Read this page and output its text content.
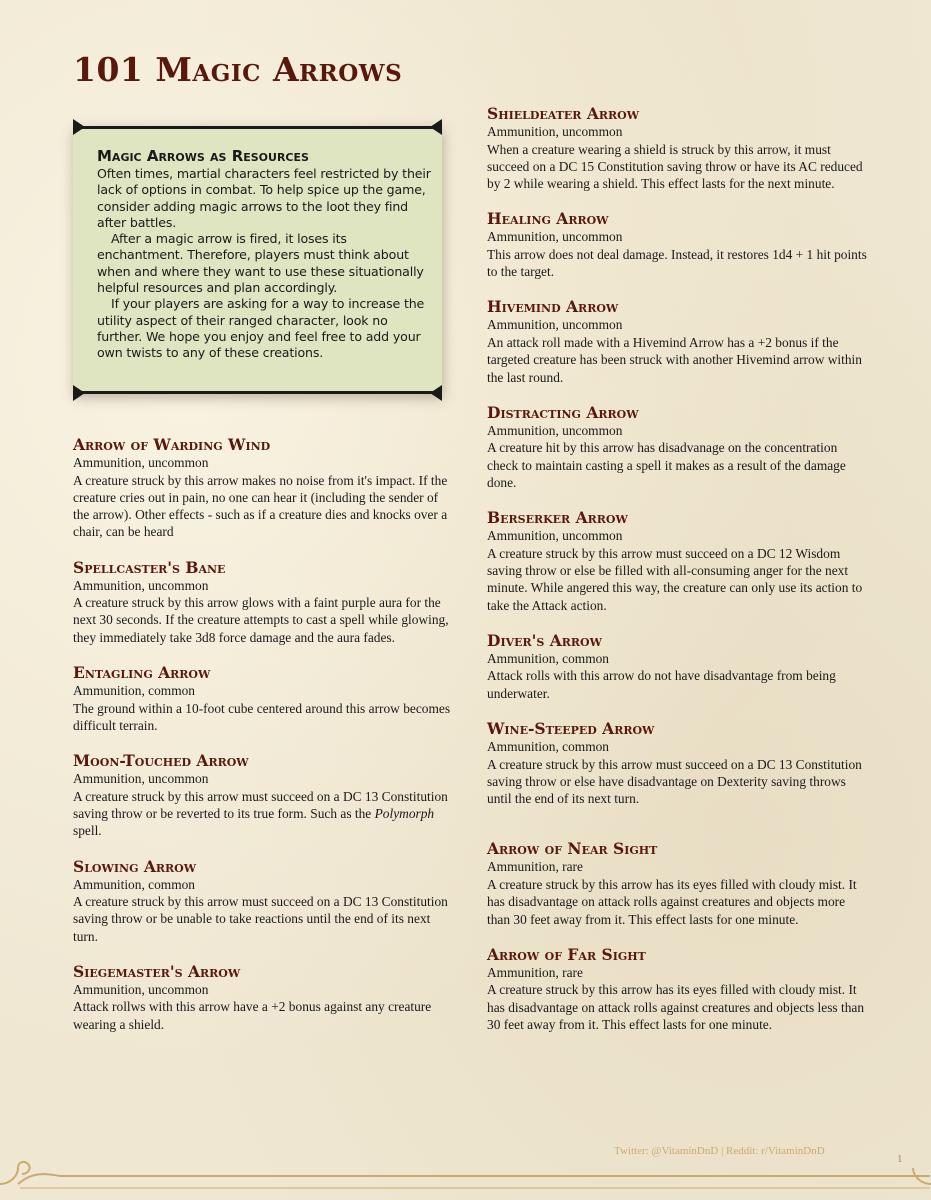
101 Magic Arrows
Magic Arrows as Resources

Often times, martial characters feel restricted by their lack of options in combat. To help spice up the game, consider adding magic arrows to the loot they find after battles.

After a magic arrow is fired, it loses its enchantment. Therefore, players must think about when and where they want to use these situationally helpful resources and plan accordingly.

If your players are asking for a way to increase the utility aspect of their ranged character, look no further. We hope you enjoy and feel free to add your own twists to any of these creations.

Arrow of Warding Wind

Ammunition, uncommon

A creature struck by this arrow makes no noise from it's impact. If the creature cries out in pain, no one can hear it (including the sender of the arrow). Other effects - such as if a creature dies and knocks over a chair, can be heard

Spellcaster's Bane

Ammunition, uncommon

A creature struck by this arrow glows with a faint purple aura for the next 30 seconds. If the creature attempts to cast a spell while glowing, they immediately take 3d8 force damage and the aura fades.

Entagling Arrow

Ammunition, common

The ground within a 10-foot cube centered around this arrow becomes difficult terrain.

Moon-Touched Arrow

Ammunition, uncommon

A creature struck by this arrow must succeed on a DC 13 Constitution saving throw or be reverted to its true form. Such as the Polymorph spell.

Slowing Arrow

Ammunition, common

A creature struck by this arrow must succeed on a DC 13 Constitution saving throw or be unable to take reactions until the end of its next turn.

Siegemaster's Arrow

Ammunition, uncommon

Attack rollws with this arrow have a +2 bonus against any creature wearing a shield.

Shieldeater Arrow

Ammunition, uncommon

When a creature wearing a shield is struck by this arrow, it must succeed on a DC 15 Constitution saving throw or have its AC reduced by 2 while wearing a shield. This effect lasts for the next minute.

Healing Arrow

Ammunition, uncommon

This arrow does not deal damage. Instead, it restores 1d4 + 1 hit points to the target.

Hivemind Arrow

Ammunition, uncommon

An attack roll made with a Hivemind Arrow has a +2 bonus if the targeted creature has been struck with another Hivemind arrow within the last round.

Distracting Arrow

Ammunition, uncommon

A creature hit by this arrow has disadvanage on the concentration check to maintain casting a spell it makes as a result of the damage done.

Berserker Arrow

Ammunition, uncommon

A creature struck by this arrow must succeed on a DC 12 Wisdom saving throw or else be filled with all-consuming anger for the next minute. While angered this way, the creature can only use its action to take the Attack action.

Diver's Arrow

Ammunition, common

Attack rolls with this arrow do not have disadvantage from being underwater.

Wine-Steeped Arrow

Ammunition, common

A creature struck by this arrow must succeed on a DC 13 Constitution saving throw or else have disadvantage on Dexterity saving throws until the end of its next turn.

Arrow of Near Sight

Ammunition, rare

A creature struck by this arrow has its eyes filled with cloudy mist. It has disadvantage on attack rolls against creatures and objects more than 30 feet away from it. This effect lasts for one minute.

Arrow of Far Sight

Ammunition, rare

A creature struck by this arrow has its eyes filled with cloudy mist. It has disadvantage on attack rolls against creatures and objects less than 30 feet away from it. This effect lasts for one minute.

Twitter: @VitaminDnD | Reddit: r/VitaminDnD
1
